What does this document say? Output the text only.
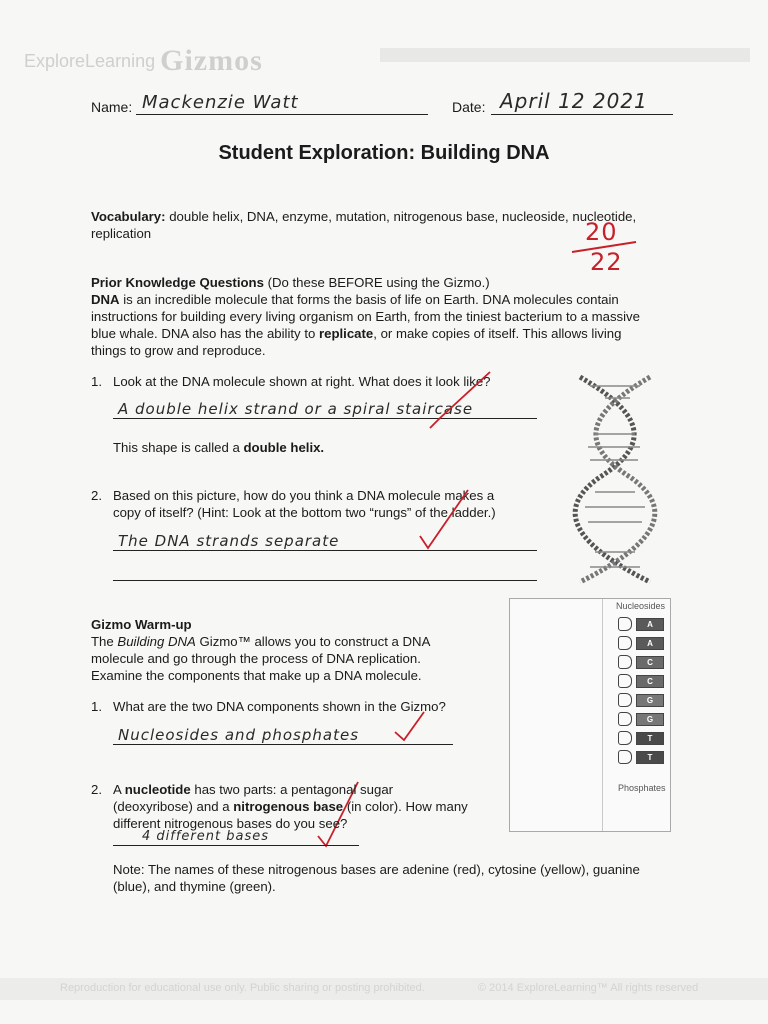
ExploreLearning Gizmos
Name: Mackenzie Watt	Date: April 12 2021
Student Exploration: Building DNA
Vocabulary: double helix, DNA, enzyme, mutation, nitrogenous base, nucleoside, nucleotide,
replication	20
22
Prior Knowledge Questions (Do these BEFORE using the Gizmo.)
DNA is an incredible molecule that forms the basis of life on Earth. DNA molecules contain
instructions for building every living organism on Earth, from the tiniest bacterium to a massive
blue whale. DNA also has the ability to replicate, or make copies of itself. This allows living
things to grow and reproduce.
1. Look at the DNA molecule shown at right. What does it look like?
A double helix strand or a spiral staircase
This shape is called a double helix.
2. Based on this picture, how do you think a DNA molecule makes a
copy of itself? (Hint: Look at the bottom two “rungs” of the ladder.)
The DNA strands separate
Gizmo Warm-up
The Building DNA Gizmo™ allows you to construct a DNA
molecule and go through the process of DNA replication.
Examine the components that make up a DNA molecule.
1. What are the two DNA components shown in the Gizmo?
Nucleosides and phosphates
2. A nucleotide has two parts: a pentagonal sugar
(deoxyribose) and a nitrogenous base (in color). How many
different nitrogenous bases do you see?
4 different bases
Note: The names of these nitrogenous bases are adenine (red), cytosine (yellow), guanine
(blue), and thymine (green).
Nucleosides
A
A
C
C
G
G
T
T
Phosphates
Reproduction for educational use only. Public sharing or posting prohibited.	© 2014 ExploreLearning™ All rights reserved
